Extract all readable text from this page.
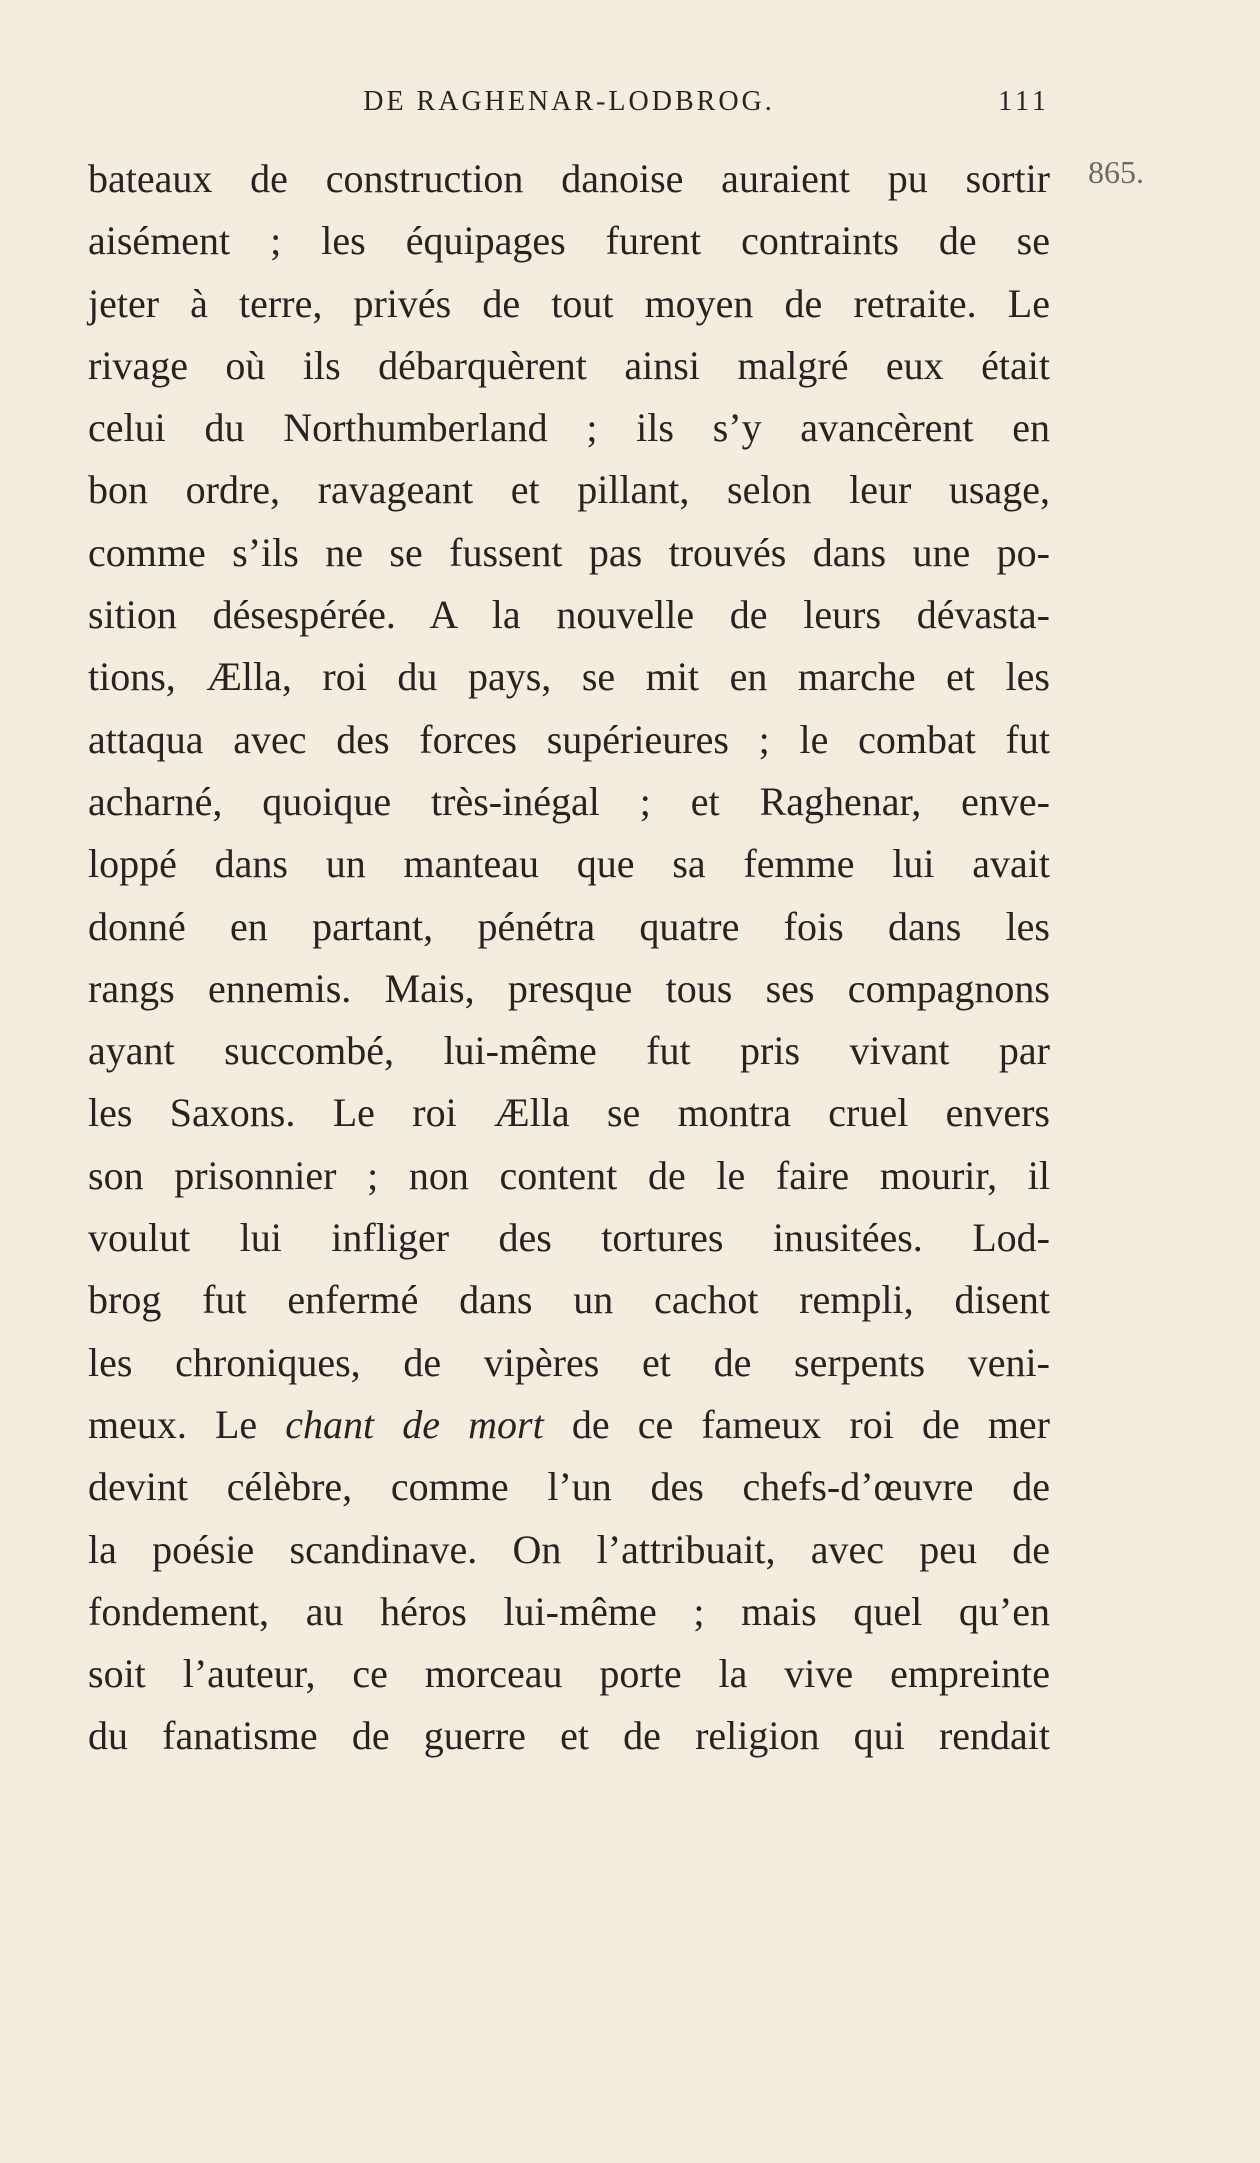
DE RAGHENAR-LODBROG.	111
865.
bateaux de construction danoise auraient pu sortir
aisément ; les équipages furent contraints de se
jeter à terre, privés de tout moyen de retraite. Le
rivage où ils débarquèrent ainsi malgré eux était
celui du Northumberland ; ils s’y avancèrent en
bon ordre, ravageant et pillant, selon leur usage,
comme s’ils ne se fussent pas trouvés dans une po-
sition désespérée. A la nouvelle de leurs dévasta-
tions, Ælla, roi du pays, se mit en marche et les
attaqua avec des forces supérieures ; le combat fut
acharné, quoique très-inégal ; et Raghenar, enve-
loppé dans un manteau que sa femme lui avait
donné en partant, pénétra quatre fois dans les
rangs ennemis. Mais, presque tous ses compagnons
ayant succombé, lui-même fut pris vivant par
les Saxons. Le roi Ælla se montra cruel envers
son prisonnier ; non content de le faire mourir, il
voulut lui infliger des tortures inusitées. Lod-
brog fut enfermé dans un cachot rempli, disent
les chroniques, de vipères et de serpents veni-
meux. Le chant de mort de ce fameux roi de mer
devint célèbre, comme l’un des chefs-d’œuvre de
la poésie scandinave. On l’attribuait, avec peu de
fondement, au héros lui-même ; mais quel qu’en
soit l’auteur, ce morceau porte la vive empreinte
du fanatisme de guerre et de religion qui rendait
